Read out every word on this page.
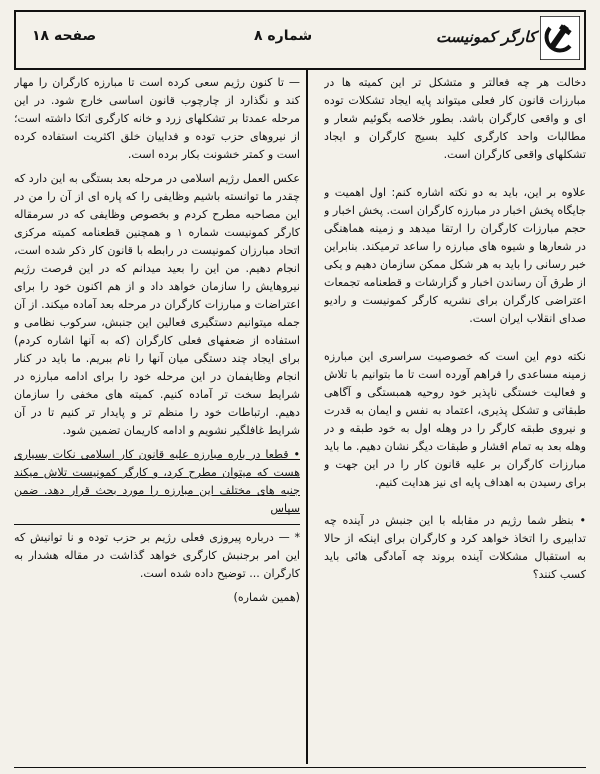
کارگر کمونیست
شماره ۸
صفحه ۱۸

دخالت هر چه فعالتر و متشکل تر این کمیته ها در مبارزات قانون کار فعلی میتواند پایه ایجاد تشکلات توده ای و واقعی کارگران باشد. بطور خلاصه بگوئیم شعار و مطالبات واحد کارگری کلید بسیج کارگران و ایجاد تشکلهای واقعی کارگران است.

علاوه بر این، باید به دو نکته اشاره کنم: اول اهمیت و جایگاه پخش اخبار در مبارزه کارگران است. پخش اخبار و حجم مبارزات کارگران را ارتقا میدهد و زمینه هماهنگی در شعارها و شیوه های مبارزه را ساعد ترمیکند. بنابراین خبر رسانی را باید به هر شکل ممکن سازمان دهیم و یکی از طرق آن رساندن اخبار و گزارشات و قطعنامه تجمعات اعتراضی کارگران برای نشریه کارگر کمونیست و رادیو صدای انقلاب ایران است.

نکته دوم این است که خصوصیت سراسری این مبارزه زمینه مساعدی را فراهم آورده است تا ما بتوانیم با تلاش و فعالیت خستگی ناپذیر خود روحیه همبستگی و آگاهی طبقاتی و تشکل پذیری، اعتماد به نفس و ایمان به قدرت و نیروی طبقه کارگر را در وهله اول به خود طبقه و در وهله بعد به تمام اقشار و طبقات دیگر نشان دهیم. ما باید مبارزات کارگران بر علیه قانون کار را در این جهت و برای رسیدن به اهداف پایه ای نیز هدایت کنیم.

• بنظر شما رژیم در مقابله با این جنبش در آینده چه تدابیری را اتخاذ خواهد کرد و کارگران برای اینکه از حالا به استقبال مشکلات آینده بروند چه آمادگی هائی باید کسب کنند؟

— تا کنون رژیم سعی کرده است تا مبارزه کارگران را مهار کند و نگذارد از چارچوب قانون اساسی خارج شود. در این مرحله عمدتا بر تشکلهای زرد و خانه کارگری اتکا داشته است؛ از نیروهای حزب توده و فداییان خلق اکثریت استفاده کرده است و کمتر خشونت بکار برده است.

عکس العمل رژیم اسلامی در مرحله بعد بستگی به این دارد که چقدر ما توانسته باشیم وظایفی را که پاره ای از آن را من در این مصاحبه مطرح کردم و بخصوص وظایفی که در سرمقاله کارگر کمونیست شماره ۱ و همچنین قطعنامه کمیته مرکزی اتحاد مبارزان کمونیست در رابطه با قانون کار ذکر شده است، انجام دهیم. من این را بعید میدانم که در این فرصت رژیم نیروهایش را سازمان خواهد داد و از هم اکنون خود را برای اعتراضات و مبارزات کارگران در مرحله بعد آماده میکند. از آن جمله میتوانیم دستگیری فعالین این جنبش، سرکوب نظامی و استفاده از ضعفهای فعلی کارگران (که به آنها اشاره کردم) برای ایجاد چند دستگی میان آنها را نام ببریم. ما باید در کنار انجام وظایفمان در این مرحله خود را برای ادامه مبارزه در شرایط سخت تر آماده کنیم. کمیته های مخفی را سازمان دهیم. ارتباطات خود را منظم تر و پایدار تر کنیم تا در آن شرایط غافلگیر نشویم و ادامه کاریمان تضمین شود.

• قطعا در باره مبارزه علیه قانون کار اسلامی نکات بسیاری هست که میتوان مطرح کرد، و کارگر کمونیست تلاش میکند جنبه های مختلف این مبارزه را مورد بحث قرار دهد. ضمن سپاس

* — درباره پیروزی فعلی رژیم بر حزب توده و نا توانیش که این امر برجنبش کارگری خواهد گذاشت در مقاله هشدار به کارگران ... توضیح داده شده است.

(همین شماره)
